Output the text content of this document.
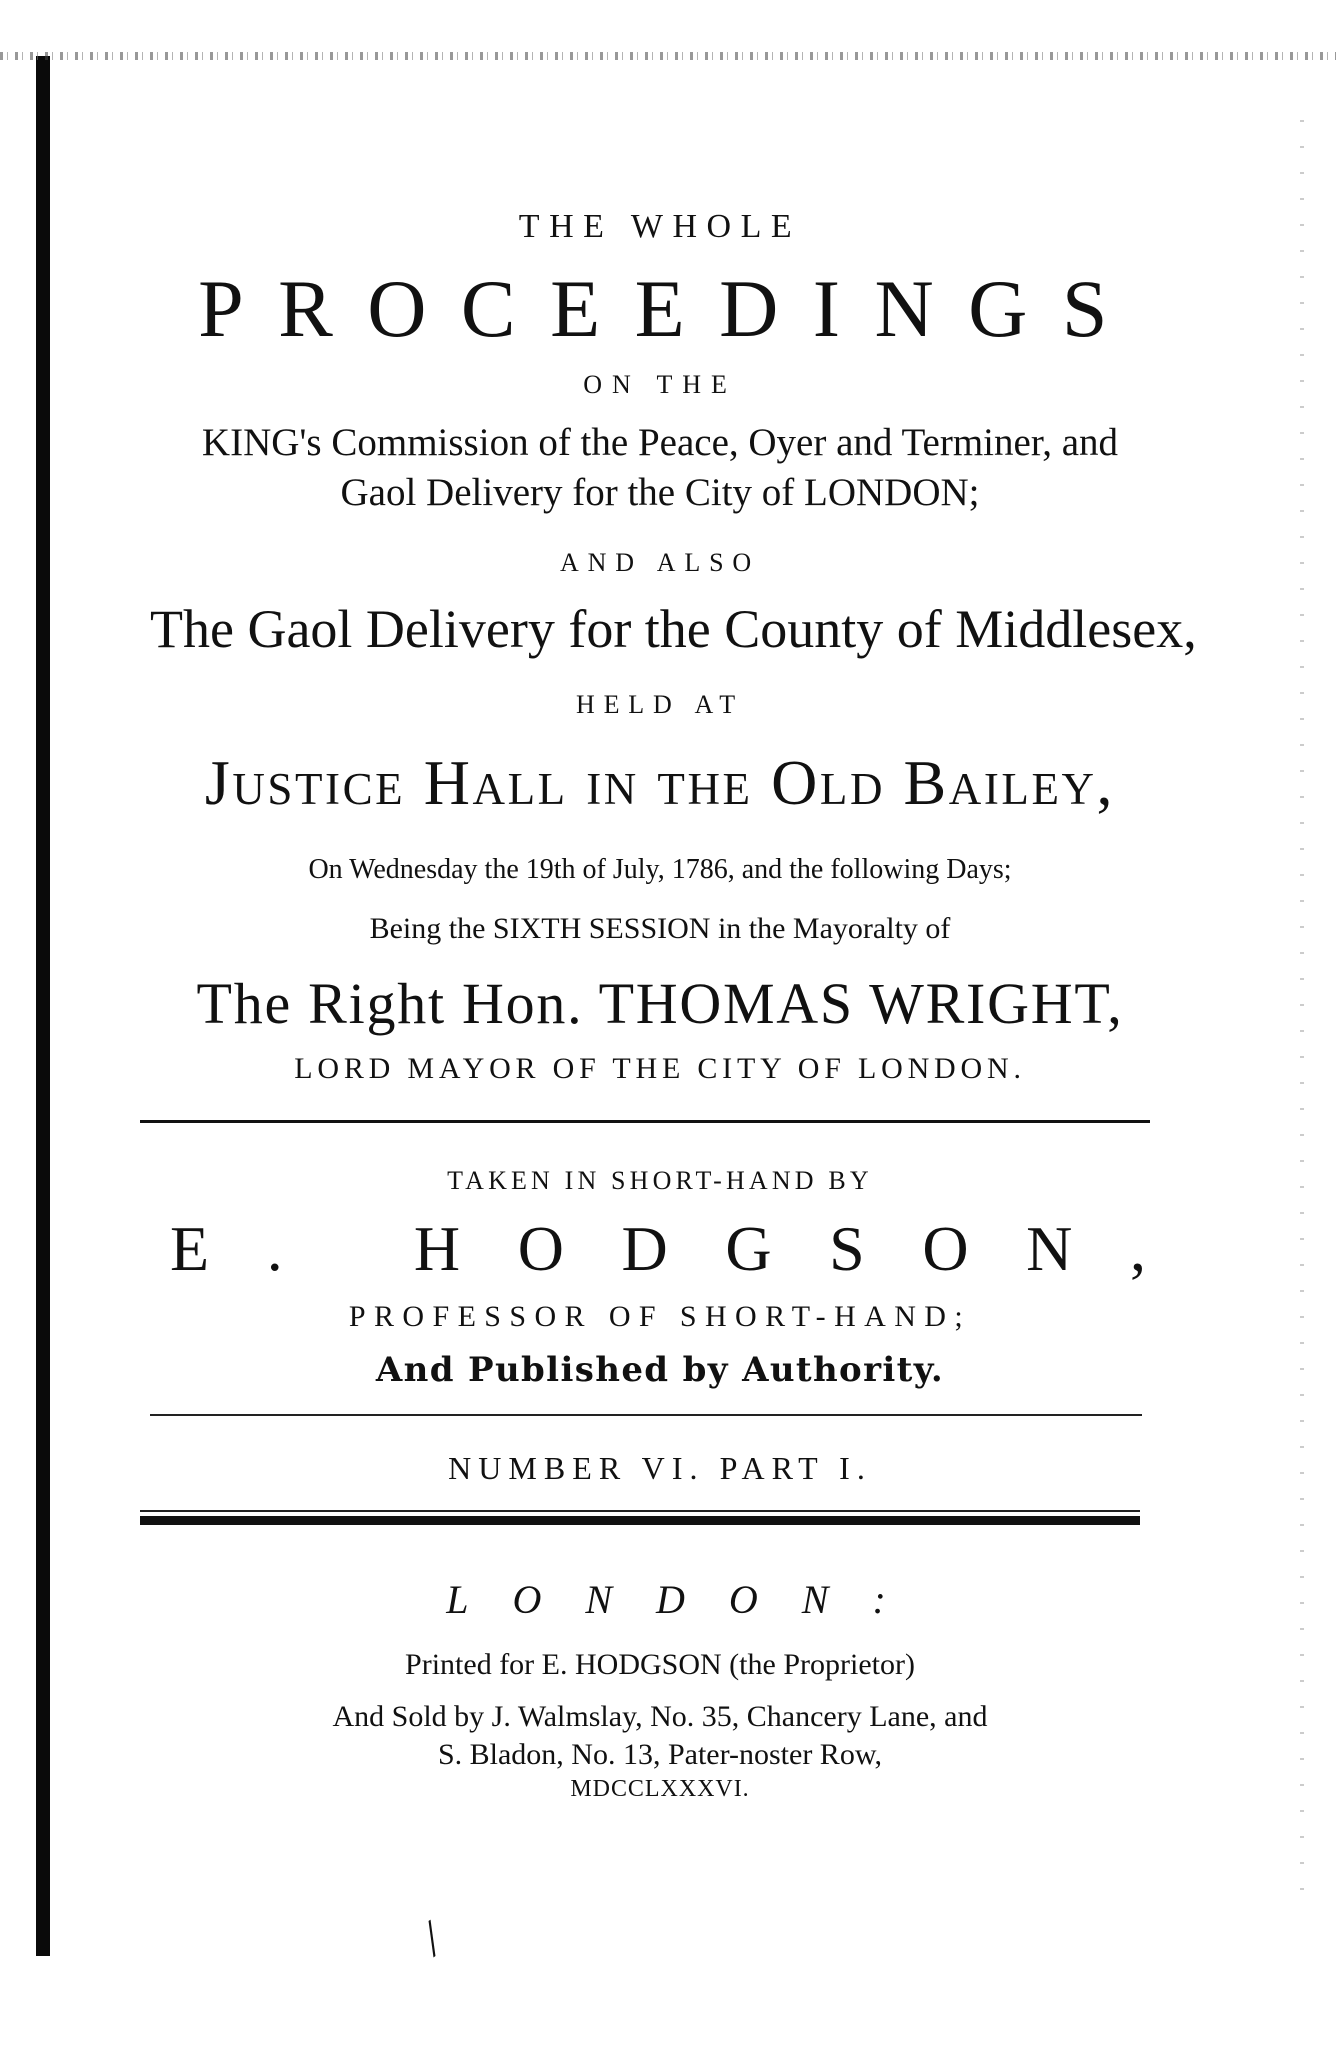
THE WHOLE
PROCEEDINGS
ON THE
KING's Commission of the Peace, Oyer and Terminer, and
Gaol Delivery for the City of LONDON;
AND ALSO
The Gaol Delivery for the County of Middlesex,
HELD AT
Justice Hall in the Old Bailey,
On Wednesday the 19th of July, 1786, and the following Days;
Being the SIXTH SESSION in the Mayoralty of
The Right Hon. THOMAS WRIGHT,
LORD MAYOR OF THE CITY OF LONDON.
TAKEN IN SHORT-HAND BY
E. HODGSON,
PROFESSOR OF SHORT-HAND;
And Published by Authority.
NUMBER VI. PART I.
LONDON:
Printed for E. HODGSON (the Proprietor)
And Sold by J. Walmslay, No. 35, Chancery Lane, and
S. Bladon, No. 13, Pater-noster Row,
MDCCLXXXVI.
╱
